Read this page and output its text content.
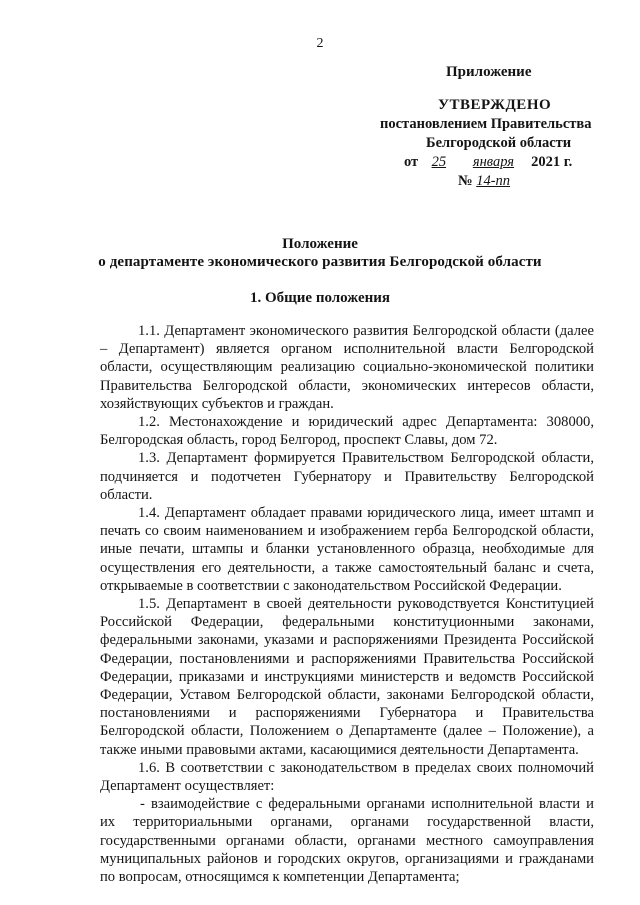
2
Приложение
УТВЕРЖДЕНО
постановлением Правительства
Белгородской области
от 25 января 2021 г.
№ 14-пп
Положение
о департаменте экономического развития Белгородской области
1. Общие положения

1.1. Департамент экономического развития Белгородской области (далее – Департамент) является органом исполнительной власти Белгородской области, осуществляющим реализацию социально-экономической политики Правительства Белгородской области, экономических интересов области, хозяйствующих субъектов и граждан.

1.2. Местонахождение и юридический адрес Департамента: 308000, Белгородская область, город Белгород, проспект Славы, дом 72.

1.3. Департамент формируется Правительством Белгородской области, подчиняется и подотчетен Губернатору и Правительству Белгородской области.

1.4. Департамент обладает правами юридического лица, имеет штамп и печать со своим наименованием и изображением герба Белгородской области, иные печати, штампы и бланки установленного образца, необходимые для осуществления его деятельности, а также самостоятельный баланс и счета, открываемые в соответствии с законодательством Российской Федерации.

1.5. Департамент в своей деятельности руководствуется Конституцией Российской Федерации, федеральными конституционными законами, федеральными законами, указами и распоряжениями Президента Российской Федерации, постановлениями и распоряжениями Правительства Российской Федерации, приказами и инструкциями министерств и ведомств Российской Федерации, Уставом Белгородской области, законами Белгородской области, постановлениями и распоряжениями Губернатора и Правительства Белгородской области, Положением о Департаменте (далее – Положение), а также иными правовыми актами, касающимися деятельности Департамента.

1.6. В соответствии с законодательством в пределах своих полномочий Департамент осуществляет:

- взаимодействие с федеральными органами исполнительной власти и их территориальными органами, органами государственной власти, государственными органами области, органами местного самоуправления муниципальных районов и городских округов, организациями и гражданами по вопросам, относящимся к компетенции Департамента;
